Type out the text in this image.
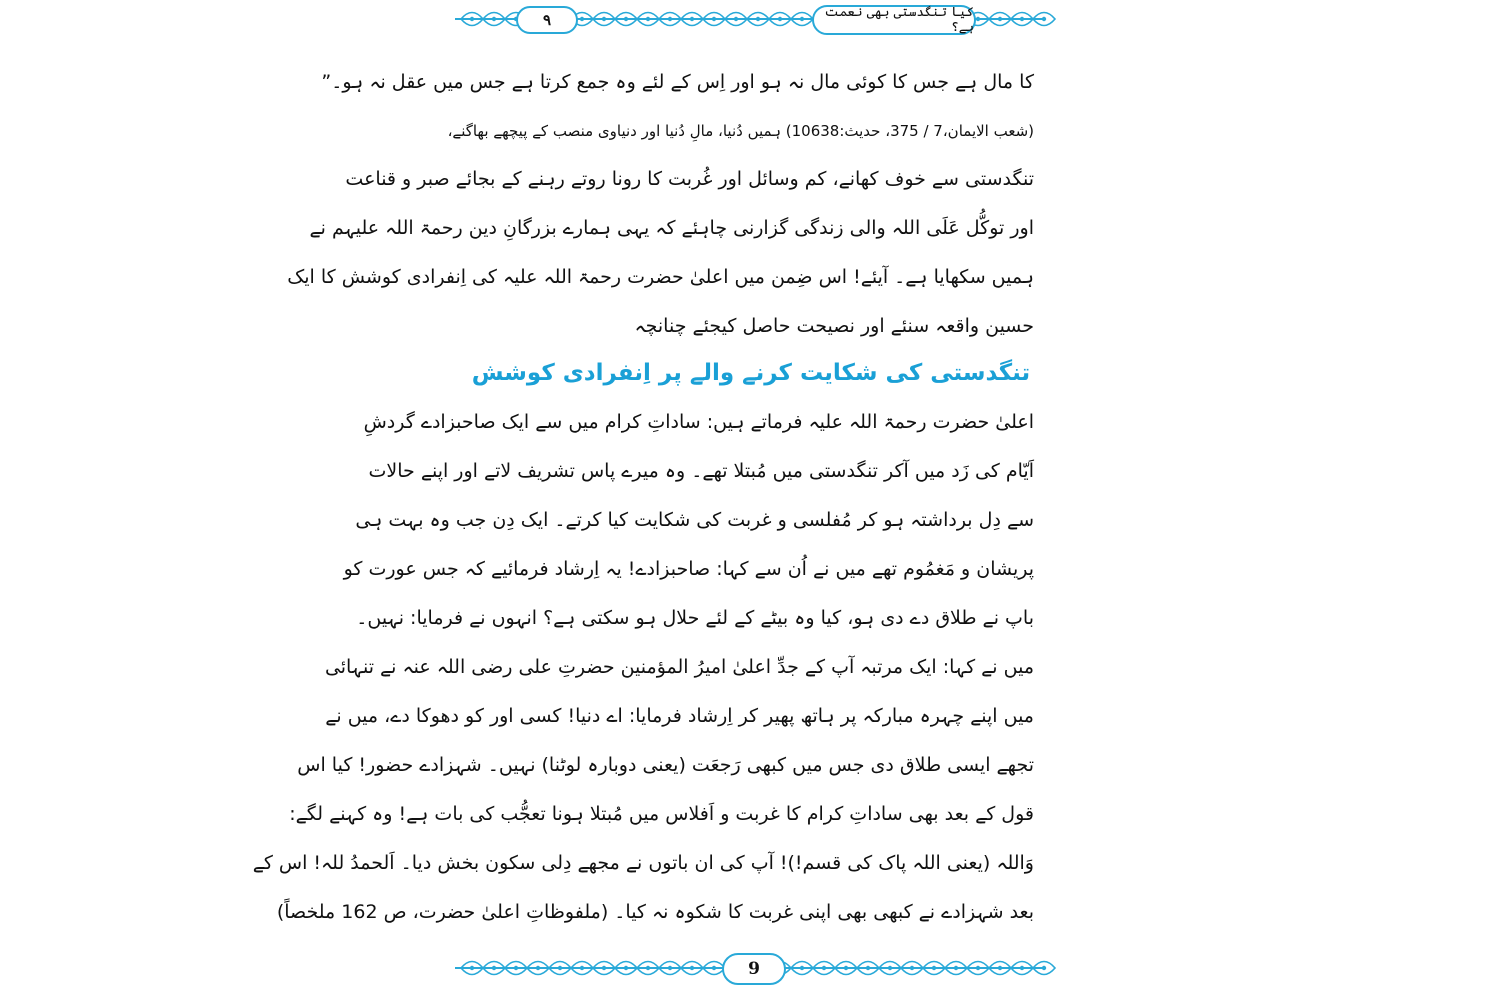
۹	کیا تنگدستی بھی نعمت ہے؟
کا مال ہے جس کا کوئی مال نہ ہو اور اِس کے لئے وہ جمع کرتا ہے جس میں عقل نہ ہو۔”
(شعب الایمان،7 / 375، حدیث:10638) ہمیں دُنیا، مالِ دُنیا اور دنیاوی منصب کے پیچھے بھاگنے،
تنگدستی سے خوف کھانے، کم وسائل اور غُربت کا رونا روتے رہنے کے بجائے صبر و قناعت
اور توکُّل عَلَی اللہ والی زندگی گزارنی چاہئے کہ یہی ہمارے بزرگانِ دین رحمۃ اللہ علیہم نے
ہمیں سکھایا ہے۔ آیئے! اس ضِمن میں اعلیٰ حضرت رحمۃ اللہ علیہ کی اِنفرادی کوشش کا ایک
حسین واقعہ سنئے اور نصیحت حاصل کیجئے چنانچہ
تنگدستی کی شکایت کرنے والے پر اِنفرادی کوشش
اعلیٰ حضرت رحمۃ اللہ علیہ فرماتے ہیں: ساداتِ کرام میں سے ایک صاحبزادے گردشِ
اَیّام کی زَد میں آکر تنگدستی میں مُبتلا تھے۔ وہ میرے پاس تشریف لاتے اور اپنے حالات
سے دِل برداشتہ ہو کر مُفلسی و غربت کی شکایت کیا کرتے۔ ایک دِن جب وہ بہت ہی
پریشان و مَغمُوم تھے میں نے اُن سے کہا: صاحبزادے! یہ اِرشاد فرمائیے کہ جس عورت کو
باپ نے طلاق دے دی ہو، کیا وہ بیٹے کے لئے حلال ہو سکتی ہے؟ انہوں نے فرمایا: نہیں۔
میں نے کہا: ایک مرتبہ آپ کے جدِّ اعلیٰ امیرُ المؤمنین حضرتِ علی رضی اللہ عنہ نے تنہائی
میں اپنے چہرہ مبارکہ پر ہاتھ پھیر کر اِرشاد فرمایا: اے دنیا! کسی اور کو دھوکا دے، میں نے
تجھے ایسی طلاق دی جس میں کبھی رَجعَت (یعنی دوبارہ لوٹنا) نہیں۔ شہزادے حضور! کیا اس
قول کے بعد بھی ساداتِ کرام کا غربت و اَفلاس میں مُبتلا ہونا تعجُّب کی بات ہے! وہ کہنے لگے:
وَاللہ (یعنی اللہ پاک کی قسم!)! آپ کی ان باتوں نے مجھے دِلی سکون بخش دیا۔ اَلحمدُ للہ! اس کے
بعد شہزادے نے کبھی بھی اپنی غربت کا شکوہ نہ کیا۔ (ملفوظاتِ اعلیٰ حضرت، ص 162 ملخصاً)
9
